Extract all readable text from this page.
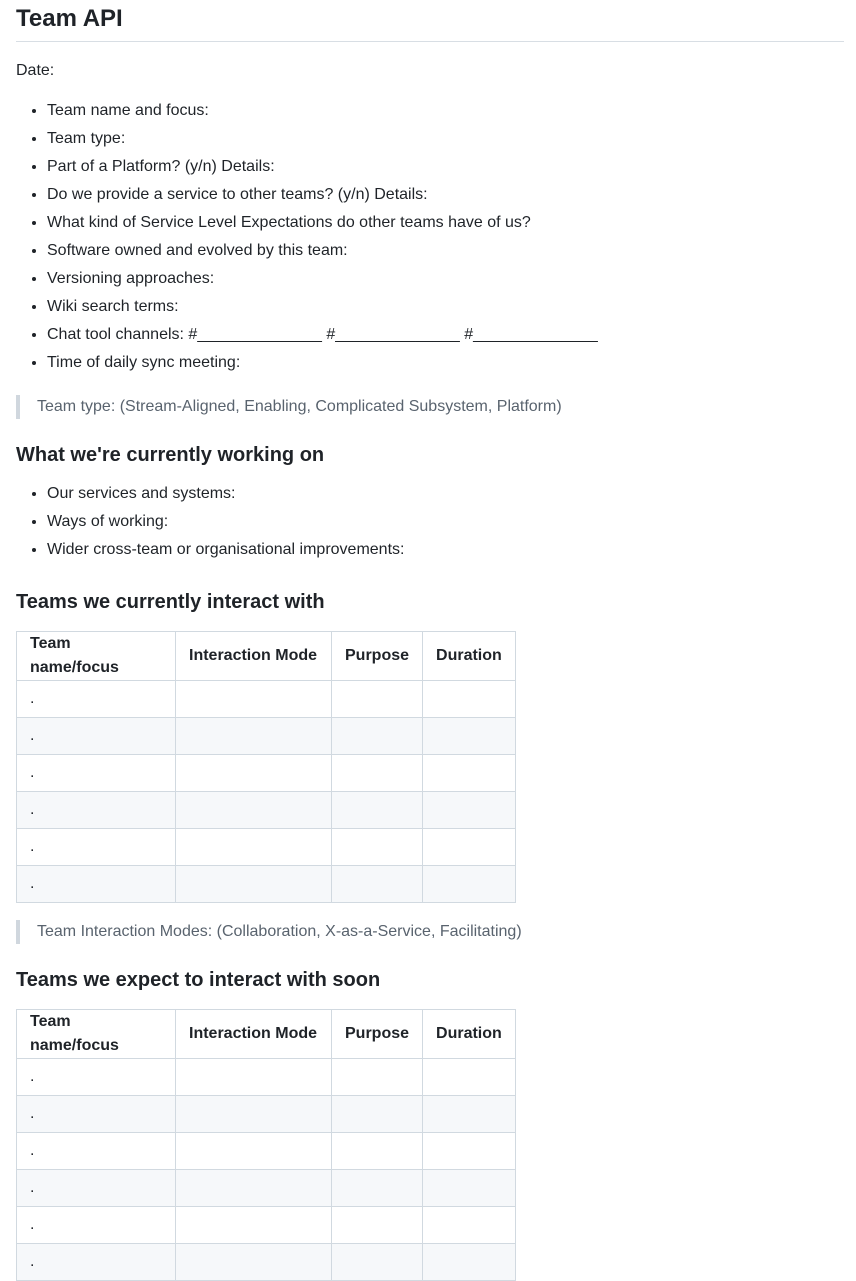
Team API

Date:

• Team name and focus:
• Team type:
• Part of a Platform? (y/n) Details:
• Do we provide a service to other teams? (y/n) Details:
• What kind of Service Level Expectations do other teams have of us?
• Software owned and evolved by this team:
• Versioning approaches:
• Wiki search terms:
• Chat tool channels: #______________ #______________ #______________
• Time of daily sync meeting:
Team type: (Stream-Aligned, Enabling, Complicated Subsystem, Platform)
What we're currently working on
• Our services and systems:
• Ways of working:
• Wider cross-team or organisational improvements:
Teams we currently interact with
Team name/focus	Interaction Mode	Purpose	Duration
.			
.			
.			
.			
.			
.			
Team Interaction Modes: (Collaboration, X-as-a-Service, Facilitating)
Teams we expect to interact with soon
Team name/focus	Interaction Mode	Purpose	Duration
.			
.			
.			
.			
.			
.			
